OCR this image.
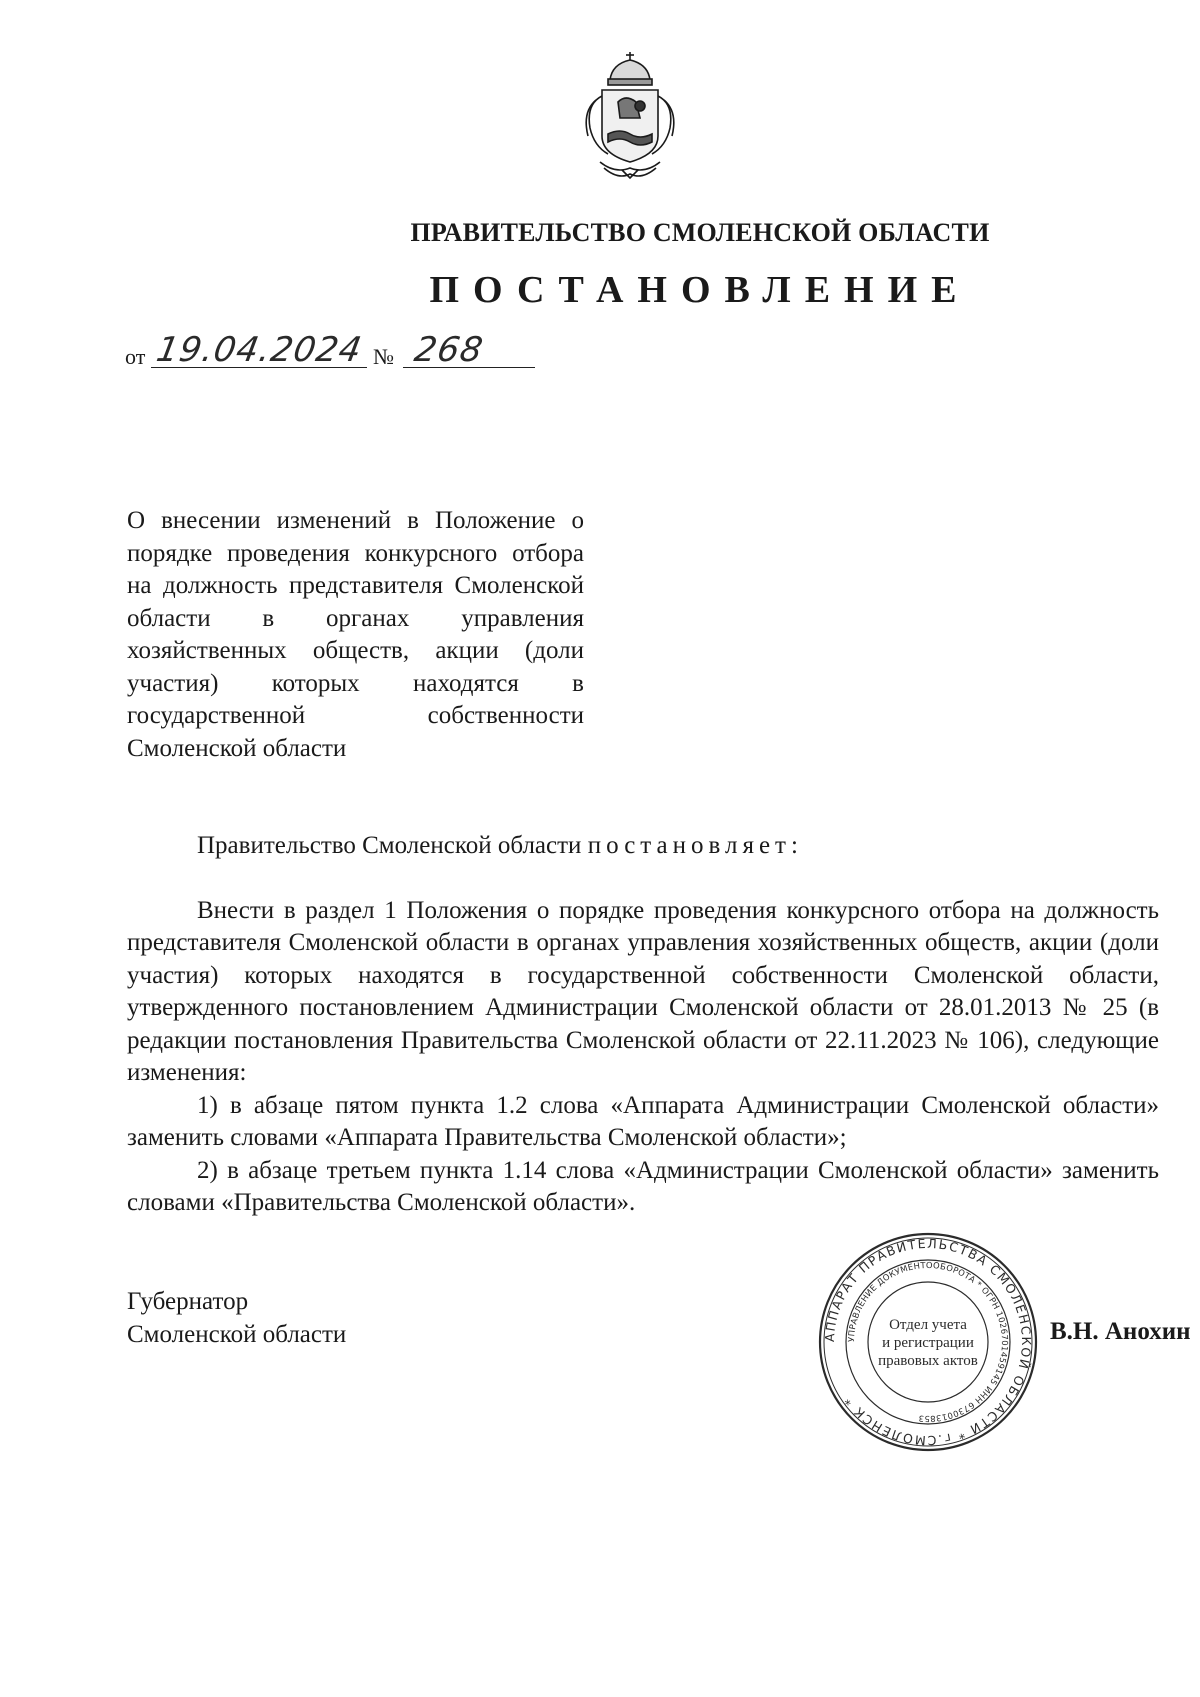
ПРАВИТЕЛЬСТВО СМОЛЕНСКОЙ ОБЛАСТИ
ПОСТАНОВЛЕНИЕ
от 19.04.2024 № 268
О внесении изменений в Положение о порядке проведения конкурсного отбора на должность представителя Смоленской области в органах управления хозяйственных обществ, акции (доли участия) которых находятся в государственной собственности Смоленской области

Правительство Смоленской области постановляет:

Внести в раздел 1 Положения о порядке проведения конкурсного отбора на должность представителя Смоленской области в органах управления хозяйственных обществ, акции (доли участия) которых находятся в государственной собственности Смоленской области, утвержденного постановлением Администрации Смоленской области от 28.01.2013 № 25 (в редакции постановления Правительства Смоленской области от 22.11.2023 № 106), следующие изменения:

1) в абзаце пятом пункта 1.2 слова «Аппарата Администрации Смоленской области» заменить словами «Аппарата Правительства Смоленской области»;

2) в абзаце третьем пункта 1.14 слова «Администрации Смоленской области» заменить словами «Правительства Смоленской области».

Губернатор
Смоленской области	АППАРАТ ПРАВИТЕЛЬСТВА СМОЛЕНСКОЙ ОБЛАСТИ * г.СМОЛЕНСК *
УПРАВЛЕНИЕ ДОКУМЕНТООБОРОТА * ОГРН 1026701459145 ИНН 6730013853
Отдел учета
и регистрации
правовых актов
В.Н. Анохин
